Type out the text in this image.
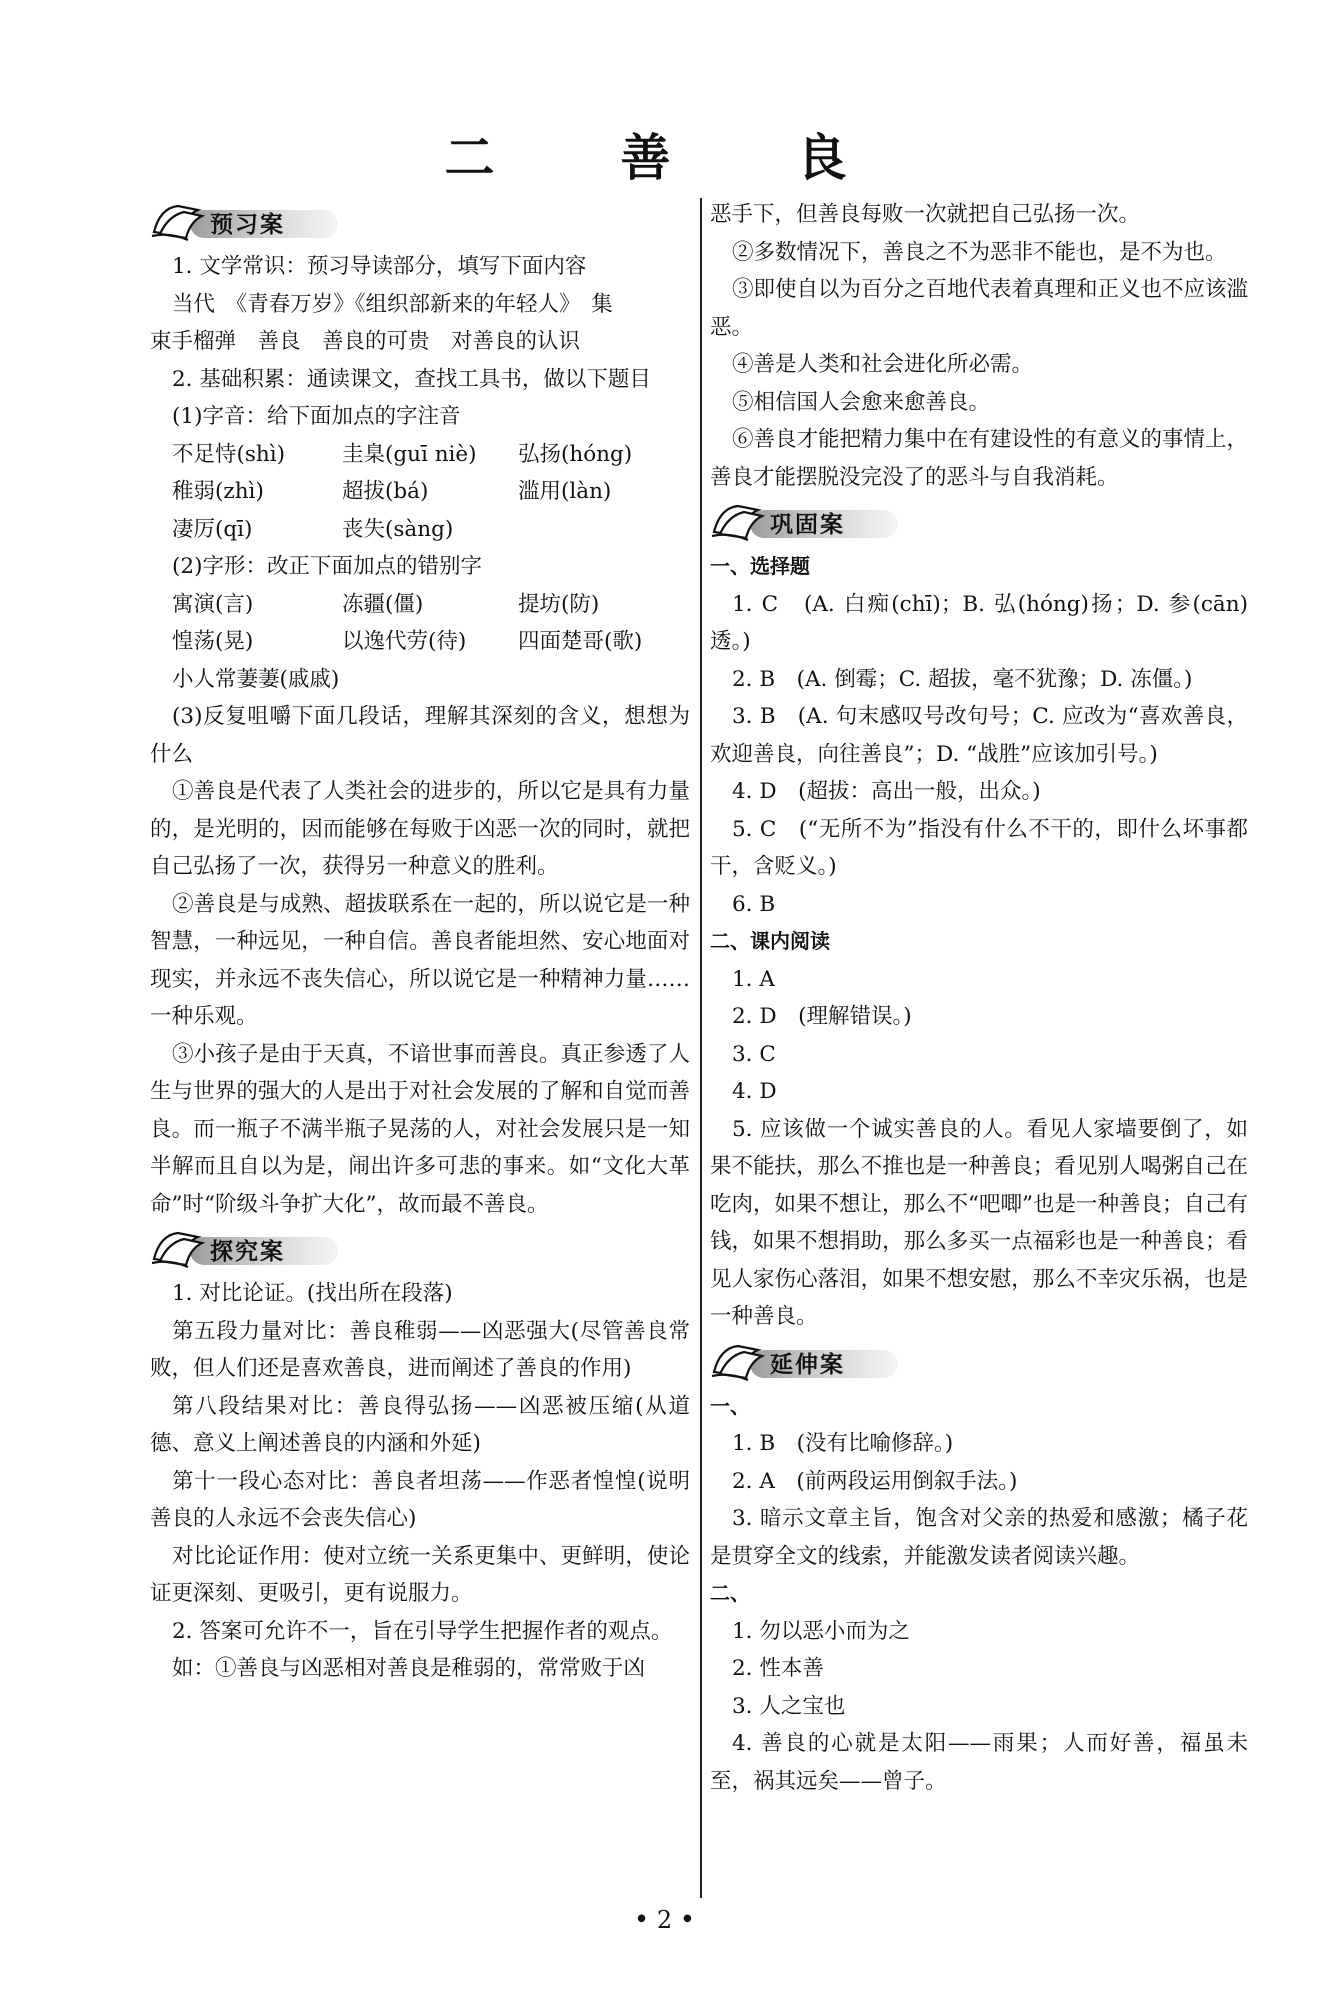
二　善　良
预习案

1. 文学常识：预习导读部分，填写下面内容

当代　《青春万岁》《组织部新来的年轻人》　集

束手榴弹　善良　善良的可贵　对善良的认识

2. 基础积累：通读课文，查找工具书，做以下题目

(1)字音：给下面加点的字注音

不足恃(shì)	圭臬(guī niè)	弘扬(hóng)
稚弱(zhì)	超拔(bá)	滥用(làn)
凄厉(qī)	丧失(sàng)

(2)字形：改正下面加点的错别字

寓演(言)	冻疆(僵)	提坊(防)
惶荡(晃)	以逸代劳(待)	四面楚哥(歌)

小人常萋萋(戚戚)

(3)反复咀嚼下面几段话，理解其深刻的含义，想想为什么

①善良是代表了人类社会的进步的，所以它是具有力量的，是光明的，因而能够在每败于凶恶一次的同时，就把自己弘扬了一次，获得另一种意义的胜利。

②善良是与成熟、超拔联系在一起的，所以说它是一种智慧，一种远见，一种自信。善良者能坦然、安心地面对现实，并永远不丧失信心，所以说它是一种精神力量……一种乐观。

③小孩子是由于天真，不谙世事而善良。真正参透了人生与世界的强大的人是出于对社会发展的了解和自觉而善良。而一瓶子不满半瓶子晃荡的人，对社会发展只是一知半解而且自以为是，闹出许多可悲的事来。如“文化大革命”时“阶级斗争扩大化”，故而最不善良。

探究案

1. 对比论证。(找出所在段落)

第五段力量对比：善良稚弱——凶恶强大(尽管善良常败，但人们还是喜欢善良，进而阐述了善良的作用)

第八段结果对比：善良得弘扬——凶恶被压缩(从道德、意义上阐述善良的内涵和外延)

第十一段心态对比：善良者坦荡——作恶者惶惶(说明善良的人永远不会丧失信心)

对比论证作用：使对立统一关系更集中、更鲜明，使论证更深刻、更吸引，更有说服力。

2. 答案可允许不一，旨在引导学生把握作者的观点。

如：①善良与凶恶相对善良是稚弱的，常常败于凶

恶手下，但善良每败一次就把自己弘扬一次。

②多数情况下，善良之不为恶非不能也，是不为也。

③即使自以为百分之百地代表着真理和正义也不应该滥恶。

④善是人类和社会进化所必需。

⑤相信国人会愈来愈善良。

⑥善良才能把精力集中在有建设性的有意义的事情上，善良才能摆脱没完没了的恶斗与自我消耗。

巩固案

一、选择题

1. C　(A. 白痴(chī)；B. 弘(hóng)扬；D. 参(cān)透。)

2. B　(A. 倒霉；C. 超拔，毫不犹豫；D. 冻僵。)

3. B　(A. 句末感叹号改句号；C. 应改为“喜欢善良，欢迎善良，向往善良”；D. “战胜”应该加引号。)

4. D　(超拔：高出一般，出众。)

5. C　(“无所不为”指没有什么不干的，即什么坏事都干，含贬义。)

6. B

二、课内阅读

1. A

2. D　(理解错误。)

3. C

4. D

5. 应该做一个诚实善良的人。看见人家墙要倒了，如果不能扶，那么不推也是一种善良；看见别人喝粥自己在吃肉，如果不想让，那么不“吧唧”也是一种善良；自己有钱，如果不想捐助，那么多买一点福彩也是一种善良；看见人家伤心落泪，如果不想安慰，那么不幸灾乐祸，也是一种善良。

延伸案

一、

1. B　(没有比喻修辞。)

2. A　(前两段运用倒叙手法。)

3. 暗示文章主旨，饱含对父亲的热爱和感激；橘子花是贯穿全文的线索，并能激发读者阅读兴趣。

二、

1. 勿以恶小而为之

2. 性本善

3. 人之宝也

4. 善良的心就是太阳——雨果；人而好善，福虽未至，祸其远矣——曾子。

• 2 •
